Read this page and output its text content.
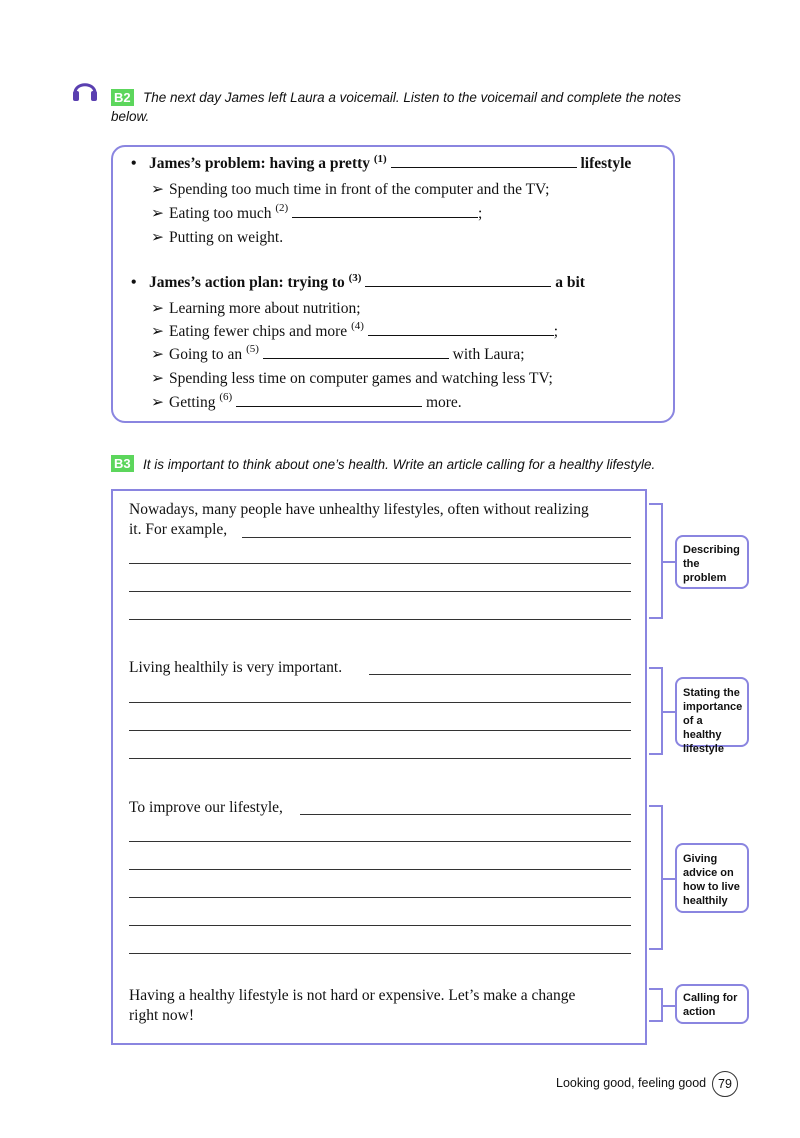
B2 The next day James left Laura a voicemail. Listen to the voicemail and complete the notes
below.
• James’s problem: having a pretty $^{(1)}$	lifestyle
➢ Spending too much time in front of the computer and the TV;
➢ Eating too much $^{(2)}$	;
➢ Putting on weight.
• James’s action plan: trying to $^{(3)}$	a bit
➢ Learning more about nutrition;
➢ Eating fewer chips and more $^{(4)}$	;
➢ Going to an $^{(5)}$	with Laura;
➢ Spending less time on computer games and watching less TV;
➢ Getting $^{(6)}$	more.
B3 It is important to think about one’s health. Write an article calling for a healthy lifestyle.
Nowadays, many people have unhealthy lifestyles, often without realizing
it. For example,
Living healthily is very important.
To improve our lifestyle,
Having a healthy lifestyle is not hard or expensive. Let’s make a change
right now!
Describing
the problem
Stating the
importance
of a healthy
lifestyle
Giving
advice on
how to live
healthily
Calling for
action
Looking good, feeling good 79
